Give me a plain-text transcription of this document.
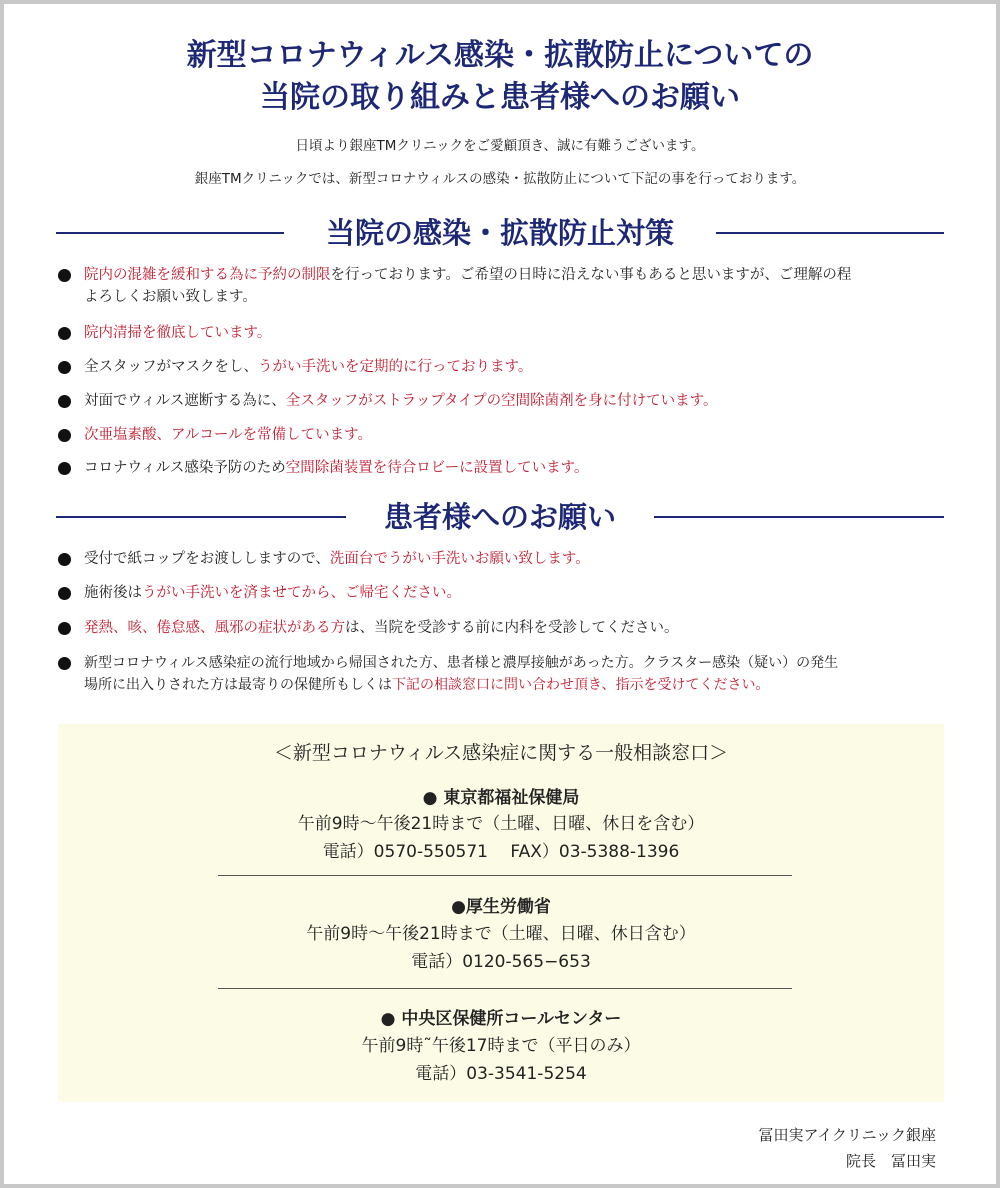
新型コロナウィルス感染・拡散防止についての
当院の取り組みと患者様へのお願い
日頃より銀座TMクリニックをご愛顧頂き、誠に有難うございます。
銀座TMクリニックでは、新型コロナウィルスの感染・拡散防止について下記の事を行っております。
当院の感染・拡散防止対策
院内の混雑を緩和する為に予約の制限を行っております。ご希望の日時に沿えない事もあると思いますが、ご理解の程
よろしくお願い致します。
院内清掃を徹底しています。
全スタッフがマスクをし、うがい手洗いを定期的に行っております。
対面でウィルス遮断する為に、全スタッフがストラップタイプの空間除菌剤を身に付けています。
次亜塩素酸、アルコールを常備しています。
コロナウィルス感染予防のため空間除菌装置を待合ロビーに設置しています。
患者様へのお願い
受付で紙コップをお渡ししますので、洗面台でうがい手洗いお願い致します。
施術後はうがい手洗いを済ませてから、ご帰宅ください。
発熱、咳、倦怠感、風邪の症状がある方は、当院を受診する前に内科を受診してください。
新型コロナウィルス感染症の流行地域から帰国された方、患者様と濃厚接触があった方。クラスター感染（疑い）の発生
場所に出入りされた方は最寄りの保健所もしくは下記の相談窓口に問い合わせ頂き、指示を受けてください。
＜新型コロナウィルス感染症に関する一般相談窓口＞
● 東京都福祉保健局
午前9時～午後21時まで（土曜、日曜、休日を含む）
電話）0570-550571　 FAX）03-5388-1396
●厚生労働省
午前9時～午後21時まで（土曜、日曜、休日含む）
電話）0120-565−653
● 中央区保健所コールセンター
午前9時˜午後17時まで（平日のみ）
電話）03-3541-5254
冨田実アイクリニック銀座
院長　冨田実
